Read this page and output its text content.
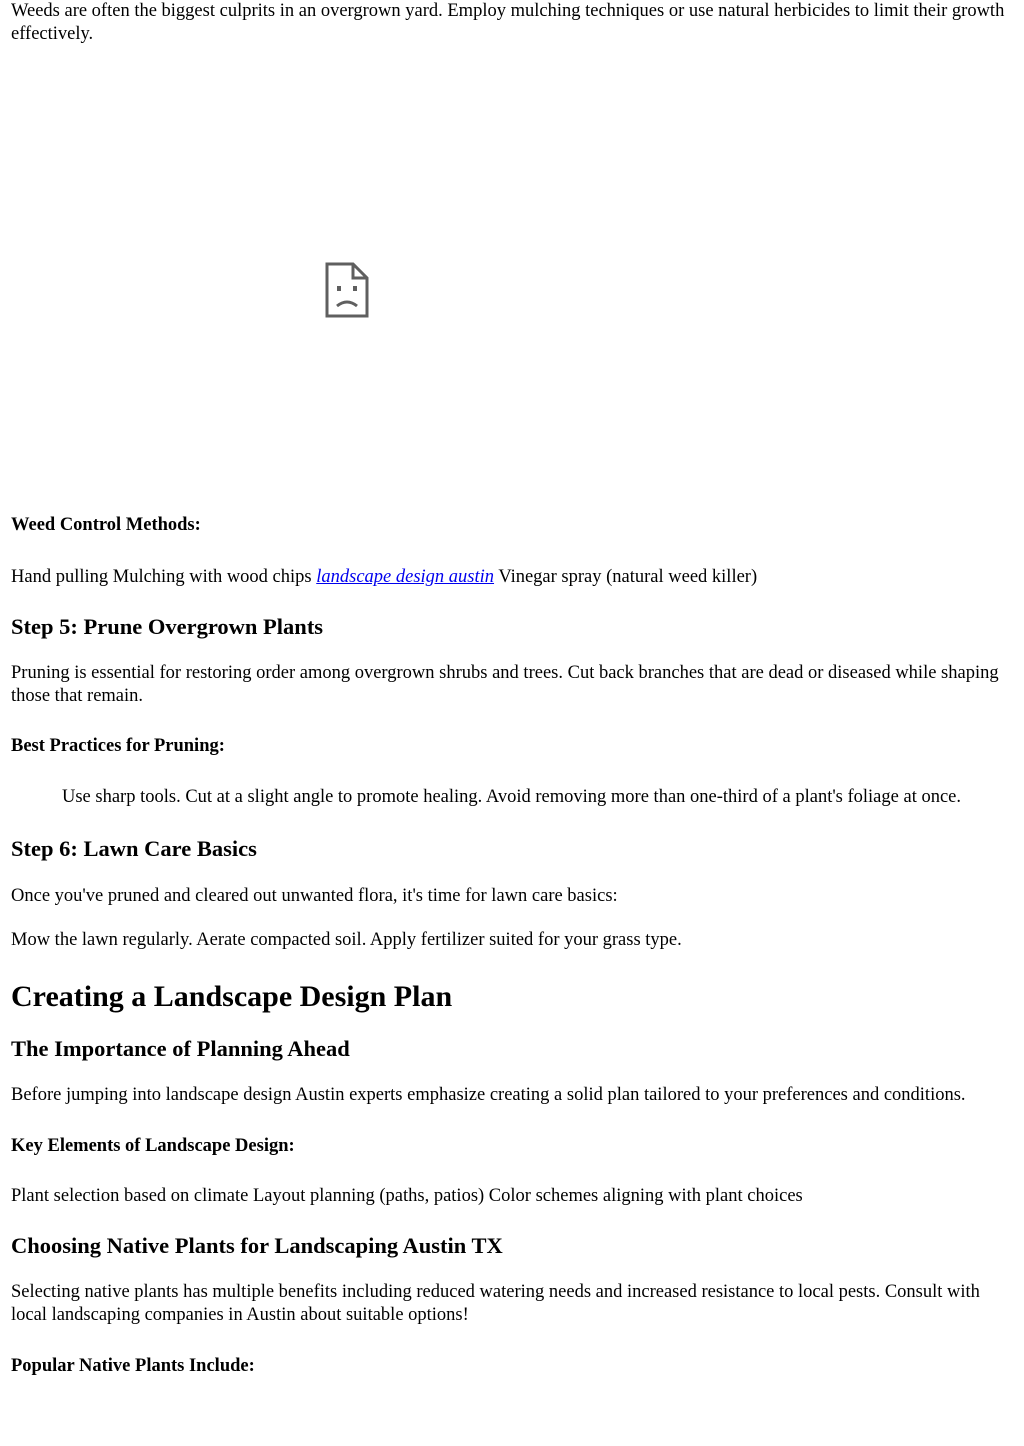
Weeds are often the biggest culprits in an overgrown yard. Employ mulching techniques or use natural herbicides to limit their growth effectively.

Weed Control Methods:

Hand pulling Mulching with wood chips landscape design austin Vinegar spray (natural weed killer)

Step 5: Prune Overgrown Plants

Pruning is essential for restoring order among overgrown shrubs and trees. Cut back branches that are dead or diseased while shaping those that remain.

Best Practices for Pruning:

Use sharp tools. Cut at a slight angle to promote healing. Avoid removing more than one-third of a plant's foliage at once.

Step 6: Lawn Care Basics

Once you've pruned and cleared out unwanted flora, it's time for lawn care basics:

Mow the lawn regularly. Aerate compacted soil. Apply fertilizer suited for your grass type.

Creating a Landscape Design Plan
The Importance of Planning Ahead

Before jumping into landscape design Austin experts emphasize creating a solid plan tailored to your preferences and conditions.

Key Elements of Landscape Design:

Plant selection based on climate Layout planning (paths, patios) Color schemes aligning with plant choices

Choosing Native Plants for Landscaping Austin TX

Selecting native plants has multiple benefits including reduced watering needs and increased resistance to local pests. Consult with local landscaping companies in Austin about suitable options!

Popular Native Plants Include:
